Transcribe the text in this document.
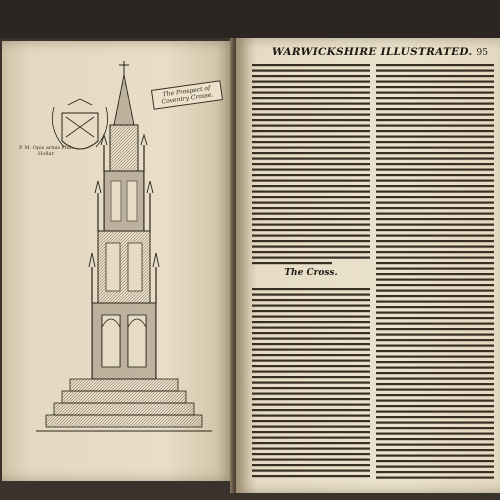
The Prospect of Coventry Crosse.
P. M. Opis armis Phil. Hollar
WARWICKSHIRE ILLUSTRATED. 95
The Cross.
